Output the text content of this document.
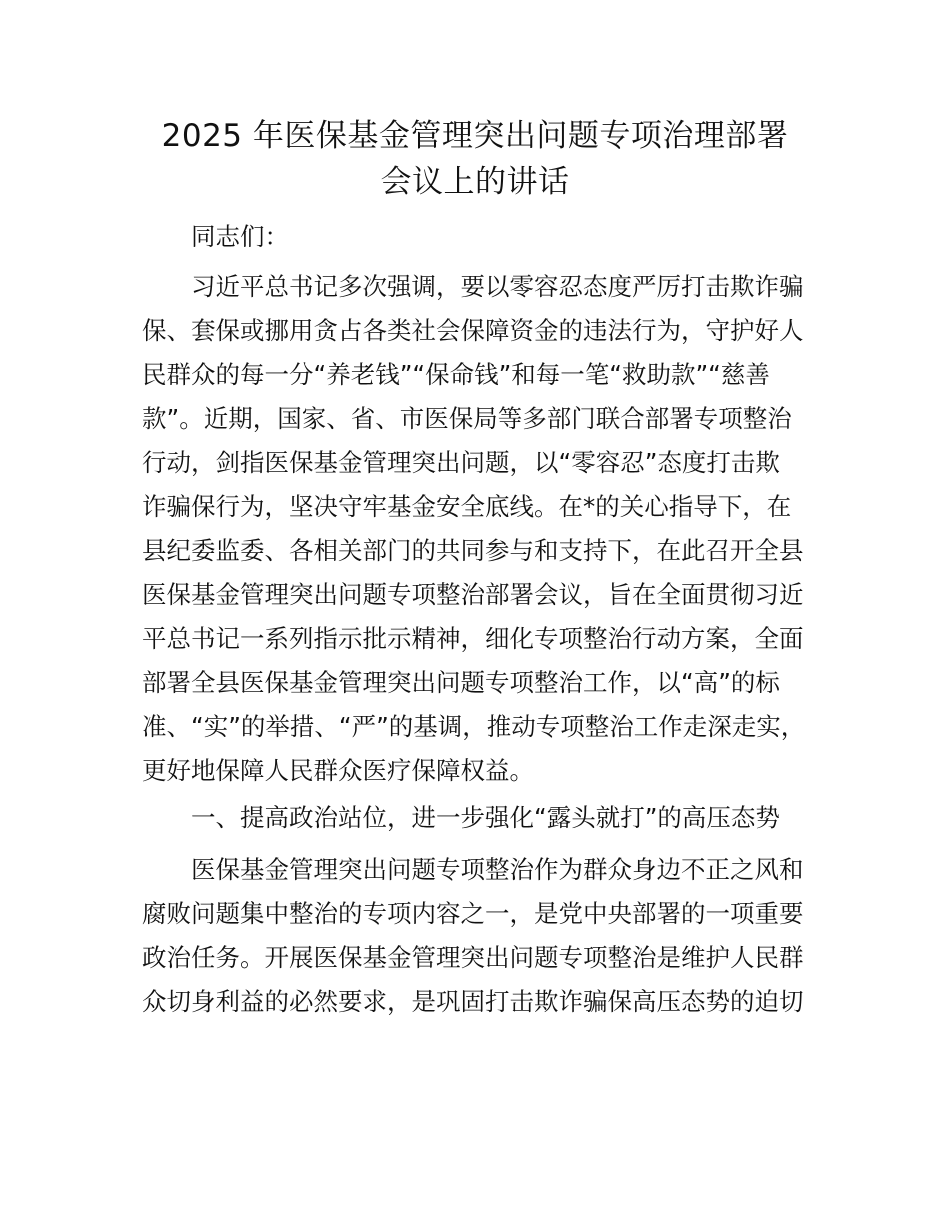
2025 年医保基金管理突出问题专项治理部署
会议上的讲话
同志们：
习近平总书记多次强调，要以零容忍态度严厉打击欺诈骗
保、套保或挪用贪占各类社会保障资金的违法行为，守护好人
民群众的每一分“养老钱”“保命钱”和每一笔“救助款”“慈善
款”。近期，国家、省、市医保局等多部门联合部署专项整治
行动，剑指医保基金管理突出问题，以“零容忍”态度打击欺
诈骗保行为，坚决守牢基金安全底线。在*的关心指导下，在
县纪委监委、各相关部门的共同参与和支持下，在此召开全县
医保基金管理突出问题专项整治部署会议，旨在全面贯彻习近
平总书记一系列指示批示精神，细化专项整治行动方案，全面
部署全县医保基金管理突出问题专项整治工作，以“高”的标
准、“实”的举措、“严”的基调，推动专项整治工作走深走实，
更好地保障人民群众医疗保障权益。
一、提高政治站位，进一步强化“露头就打”的高压态势
医保基金管理突出问题专项整治作为群众身边不正之风和
腐败问题集中整治的专项内容之一，是党中央部署的一项重要
政治任务。开展医保基金管理突出问题专项整治是维护人民群
众切身利益的必然要求，是巩固打击欺诈骗保高压态势的迫切
